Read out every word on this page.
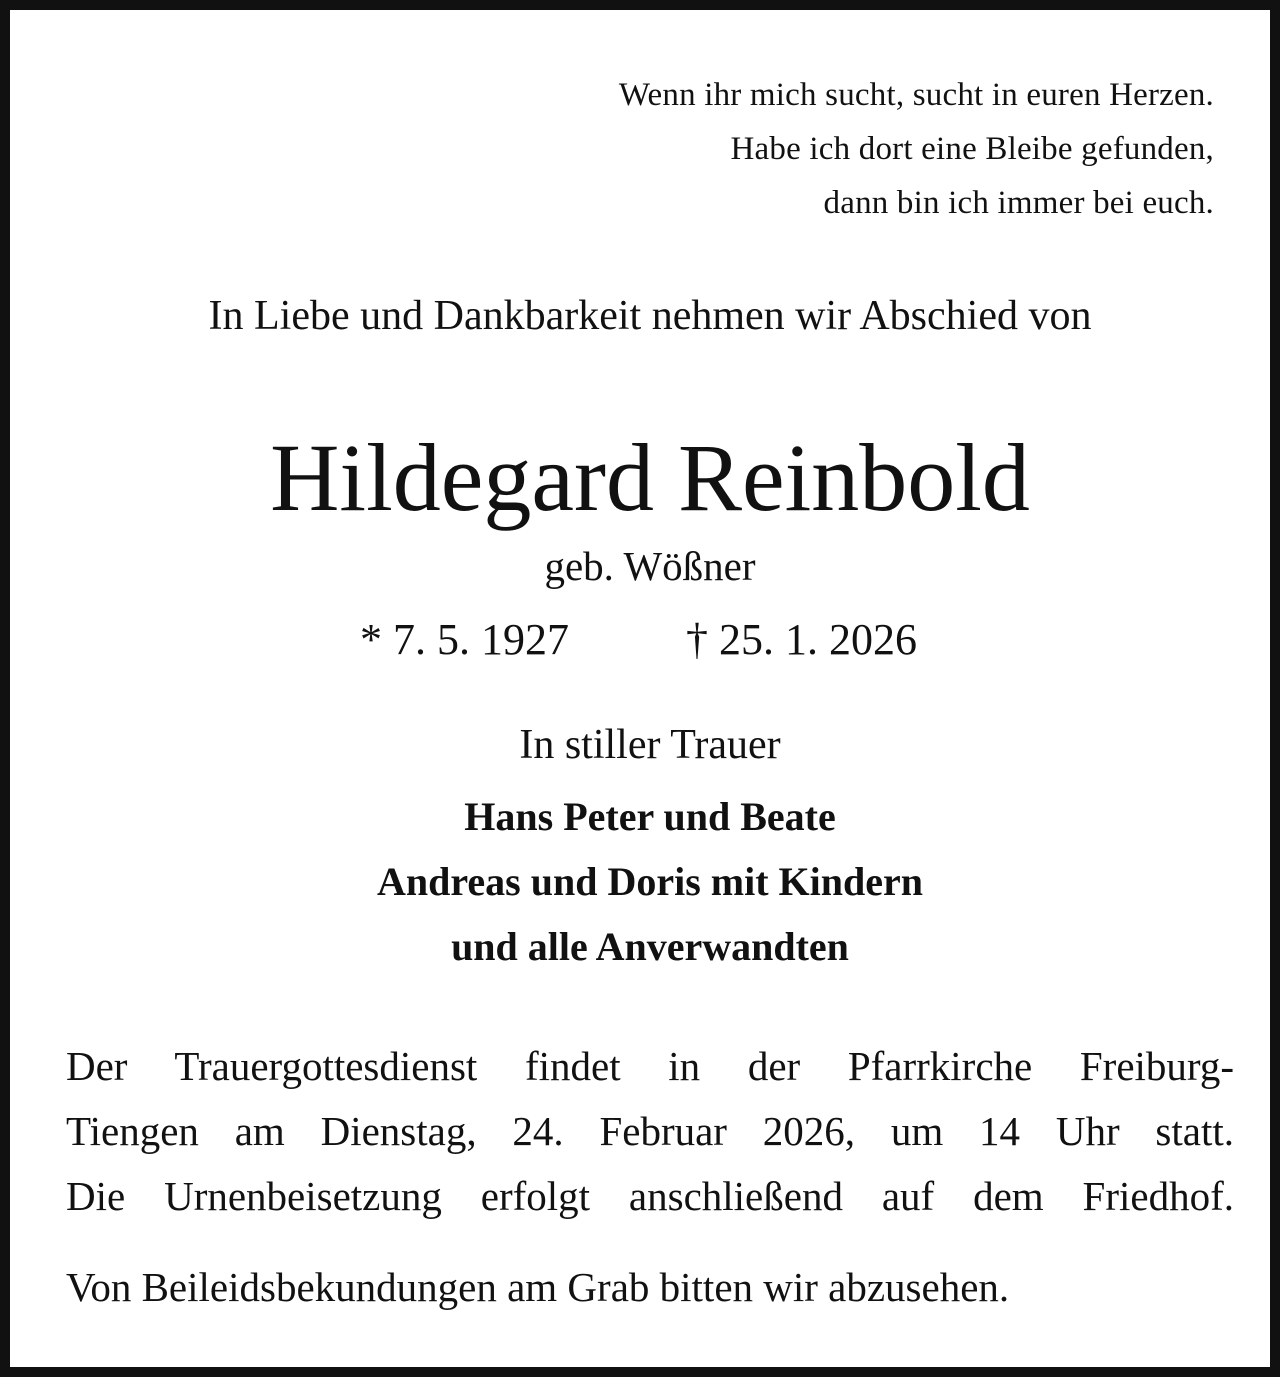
Wenn ihr mich sucht, sucht in euren Herzen.
Habe ich dort eine Bleibe gefunden,
dann bin ich immer bei euch.
In Liebe und Dankbarkeit nehmen wir Abschied von
Hildegard Reinbold
geb. Wößner
* 7. 5. 1927	† 25. 1. 2026
In stiller Trauer
Hans Peter und Beate
Andreas und Doris mit Kindern
und alle Anverwandten
Der Trauergottesdienst findet in der Pfarrkirche Freiburg-
Tiengen am Dienstag, 24. Februar 2026, um 14 Uhr statt.
Die Urnenbeisetzung erfolgt anschließend auf dem Friedhof.
Von Beileidsbekundungen am Grab bitten wir abzusehen.
